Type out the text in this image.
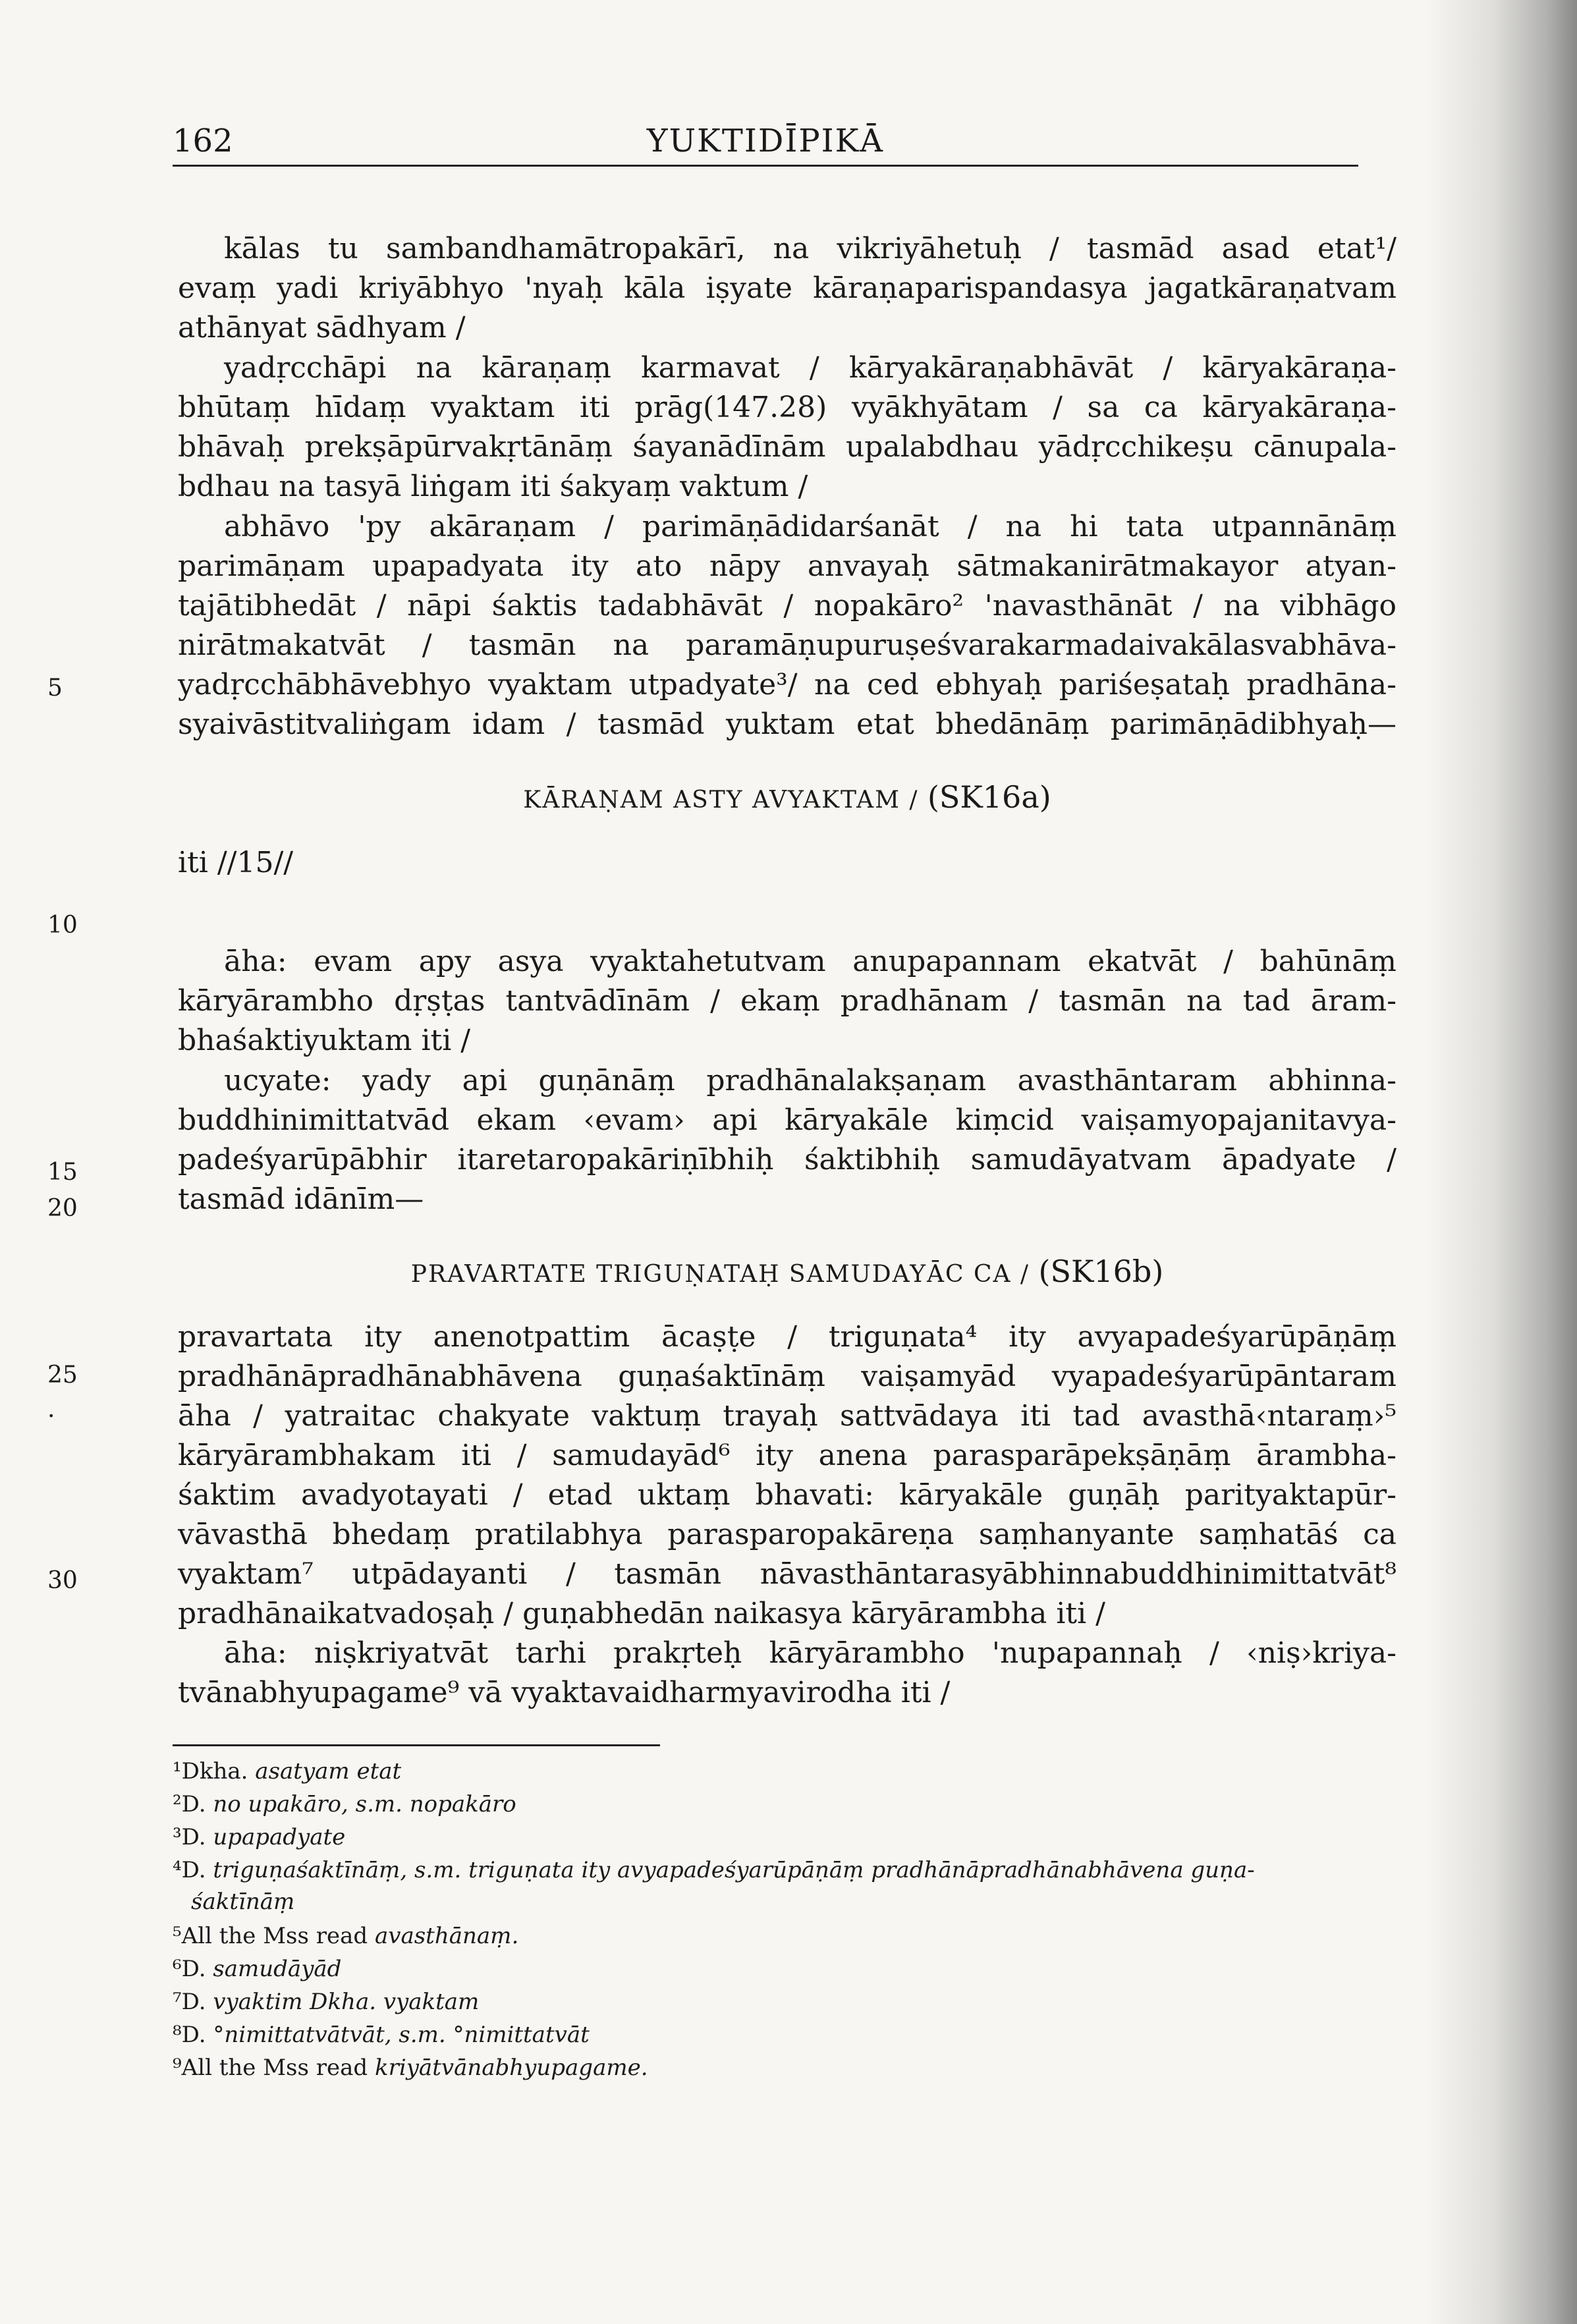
162	YUKTIDĪPIKĀ
5
10
15
20
25
.
30
kālas tu sambandhamātropakārī, na vikriyāhetuḥ / tasmād asad etat¹/
evaṃ yadi kriyābhyo 'nyaḥ kāla iṣyate kāraṇaparispandasya jagatkāraṇatvam
athānyat sādhyam /
yadṛcchāpi na kāraṇaṃ karmavat / kāryakāraṇabhāvāt / kāryakāraṇa-
bhūtaṃ hīdaṃ vyaktam iti prāg(147.28) vyākhyātam / sa ca kāryakāraṇa-
bhāvaḥ prekṣāpūrvakṛtānāṃ śayanādīnām upalabdhau yādṛcchikeṣu cānupala-
bdhau na tasyā liṅgam iti śakyaṃ vaktum /
abhāvo 'py akāraṇam / parimāṇādidarśanāt / na hi tata utpannānāṃ
parimāṇam upapadyata ity ato nāpy anvayaḥ sātmakanirātmakayor atyan-
tajātibhedāt / nāpi śaktis tadabhāvāt / nopakāro² 'navasthānāt / na vibhāgo
nirātmakatvāt / tasmān na paramāṇupuruṣeśvarakarmadaivakālasvabhāva-
yadṛcchābhāvebhyo vyaktam utpadyate³/ na ced ebhyaḥ pariśeṣataḥ pradhāna-
syaivāstitvaliṅgam idam / tasmād yuktam etat bhedānāṃ parimāṇādibhyaḥ—
KĀRAṆAM ASTY AVYAKTAM / (SK16a)
iti //15//
āha: evam apy asya vyaktahetutvam anupapannam ekatvāt / bahūnāṃ
kāryārambho dṛṣṭas tantvādīnām / ekaṃ pradhānam / tasmān na tad āram-
bhaśaktiyuktam iti /
ucyate: yady api guṇānāṃ pradhānalakṣaṇam avasthāntaram abhinna-
buddhinimittatvād ekam ‹evam› api kāryakāle kiṃcid vaiṣamyopajanitavya-
padeśyarūpābhir itaretaropakāriṇībhiḥ śaktibhiḥ samudāyatvam āpadyate /
tasmād idānīm—
PRAVARTATE TRIGUṆATAḤ SAMUDAYĀC CA / (SK16b)
pravartata ity anenotpattim ācaṣṭe / triguṇata⁴ ity avyapadeśyarūpāṇāṃ
pradhānāpradhānabhāvena guṇaśaktīnāṃ vaiṣamyād vyapadeśyarūpāntaram
āha / yatraitac chakyate vaktuṃ trayaḥ sattvādaya iti tad avasthā‹ntaraṃ›⁵
kāryārambhakam iti / samudayād⁶ ity anena parasparāpekṣāṇāṃ ārambha-
śaktim avadyotayati / etad uktaṃ bhavati: kāryakāle guṇāḥ parityaktapūr-
vāvasthā bhedaṃ pratilabhya parasparopakāreṇa saṃhanyante saṃhatāś ca
vyaktam⁷ utpādayanti / tasmān nāvasthāntarasyābhinnabuddhinimittatvāt⁸
pradhānaikatvadoṣaḥ / guṇabhedān naikasya kāryārambha iti /
āha: niṣkriyatvāt tarhi prakṛteḥ kāryārambho 'nupapannaḥ / ‹niṣ›kriya-
tvānabhyupagame⁹ vā vyaktavaidharmyavirodha iti /
¹Dkha. asatyam etat
²D. no upakāro, s.m. nopakāro
³D. upapadyate
⁴D. triguṇaśaktīnāṃ, s.m. triguṇata ity avyapadeśyarūpāṇāṃ pradhānāpradhānabhāvena guṇa-
śaktīnāṃ
⁵All the Mss read avasthānaṃ.
⁶D. samudāyād
⁷D. vyaktim Dkha. vyaktam
⁸D. °nimittatvātvāt, s.m. °nimittatvāt
⁹All the Mss read kriyātvānabhyupagame.
